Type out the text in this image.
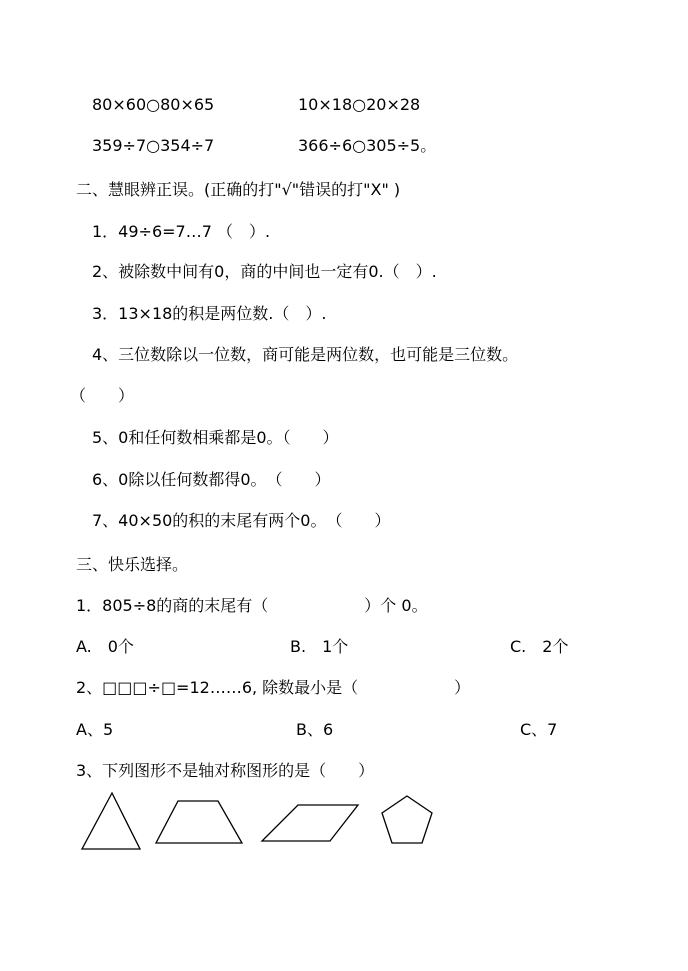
80×60○80×65	10×18○20×28
359÷7○354÷7	366÷6○305÷5。
二、慧眼辨正误。(正确的打"√"错误的打"X" )
1．49÷6=7…7 （　）.
2、被除数中间有0，商的中间也一定有0.（　）.
3．13×18的积是两位数.（　）.
4、三位数除以一位数，商可能是两位数，也可能是三位数。
（　　）
5、0和任何数相乘都是0。（　　）
6、0除以任何数都得0。　（　　）
7、40×50的积的末尾有两个0。　（　　）
三、快乐选择。
1．805÷8的商的末尾有（　　　　　　）个 0。
A.　0个	B.　1个	C.　2个
2、□□□÷□=12……6, 除数最小是（　　　　　　）
A、5	B、6	C、7
3、下列图形不是轴对称图形的是（　　）
